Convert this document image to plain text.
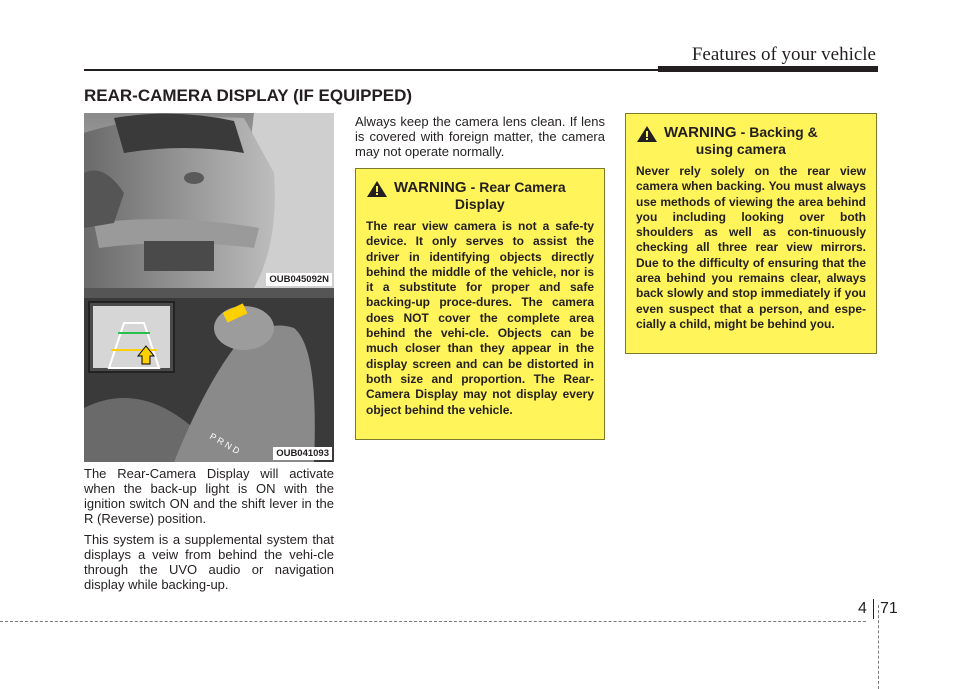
Features of your vehicle
REAR-CAMERA DISPLAY (IF EQUIPPED)
OUB045092N
P R N D	OUB041093

The Rear-Camera Display will activate when the back-up light is ON with the ignition switch ON and the shift lever in the R (Reverse) position.

This system is a supplemental system that displays a veiw from behind the vehi-cle through the UVO audio or navigation display while backing-up.

Always keep the camera lens clean. If lens is covered with foreign matter, the camera may not operate normally.

WARNING - Rear Camera
Display
The rear view camera is not a safe-ty device. It only serves to assist the driver in identifying objects directly behind the middle of the vehicle, nor is it a substitute for proper and safe backing-up proce-dures. The camera does NOT cover the complete area behind the vehi-cle. Objects can be much closer than they appear in the display screen and can be distorted in both size and proportion. The Rear-Camera Display may not display every object behind the vehicle.
WARNING - Backing &
using camera
Never rely solely on the rear view camera when backing. You must always use methods of viewing the area behind you including looking over both shoulders as well as con-tinuously checking all three rear view mirrors. Due to the difficulty of ensuring that the area behind you remains clear, always back slowly and stop immediately if you even suspect that a person, and espe-cially a child, might be behind you.
4 71
